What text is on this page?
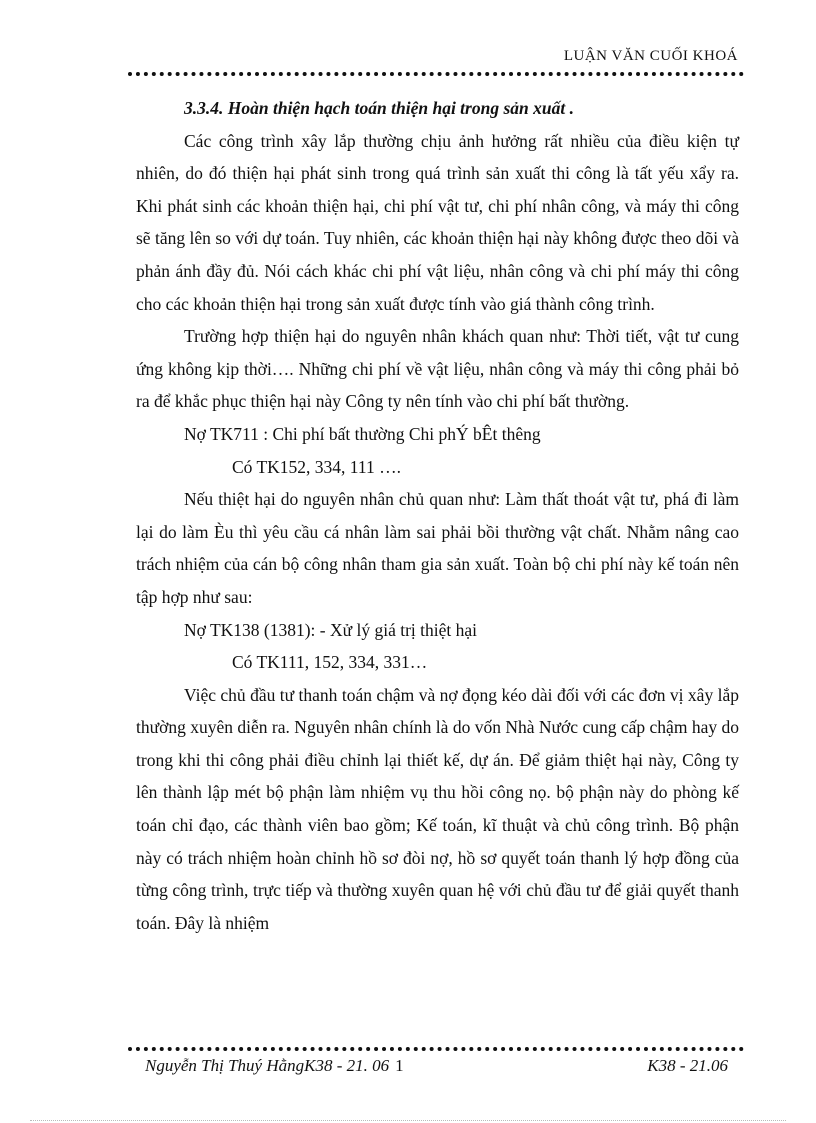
LUẬN VĂN CUỐI KHOÁ

3.3.4. Hoàn thiện hạch toán thiện hại trong sản xuất .

Các công trình xây lắp thường chịu ảnh hưởng rất nhiều của điều kiện tự nhiên, do đó thiện hại phát sinh trong quá trình sản xuất thi công là tất yếu xẩy ra. Khi phát sinh các khoản thiện hại, chi phí vật tư, chi phí nhân công, và máy thi công sẽ tăng lên so với dự toán. Tuy nhiên, các khoản thiện hại này không được theo dõi và phản ánh đầy đủ. Nói cách khác chi phí vật liệu, nhân công và chi phí máy thi công cho các khoản thiện hại trong sản xuất được tính vào giá thành công trình.

Trường hợp thiện hại do nguyên nhân khách quan như: Thời tiết, vật tư cung ứng không kịp thời…. Những chi phí về vật liệu, nhân công và máy thi công phải bỏ ra để khắc phục thiện hại này Công ty nên tính vào chi phí bất thường.

Nợ TK711 : Chi phí bất thường Chi phÝ bÊt thêng

Có TK152, 334, 111 ….

Nếu thiệt hại do nguyên nhân chủ quan như: Làm thất thoát vật tư, phá đi làm lại do làm Èu thì yêu cầu cá nhân làm sai phải bồi thường vật chất. Nhằm nâng cao trách nhiệm của cán bộ công nhân tham gia sản xuất. Toàn bộ chi phí này kế toán nên tập hợp như sau:

Nợ TK138 (1381): - Xử lý giá trị thiệt hại

Có TK111, 152, 334, 331…

Việc chủ đầu tư thanh toán chậm và nợ đọng kéo dài đối với các đơn vị xây lắp thường xuyên diễn ra. Nguyên nhân chính là do vốn Nhà Nước cung cấp chậm hay do trong khi thi công phải điều chỉnh lại thiết kế, dự án. Để giảm thiệt hại này, Công ty lên thành lập mét bộ phận làm nhiệm vụ thu hồi công nọ. bộ phận này do phòng kế toán chỉ đạo, các thành viên bao gồm; Kế toán, kĩ thuật và chủ công trình. Bộ phận này có trách nhiệm hoàn chỉnh hồ sơ đòi nợ, hồ sơ quyết toán thanh lý hợp đồng của từng công trình, trực tiếp và thường xuyên quan hệ với chủ đầu tư để giải quyết thanh toán. Đây là nhiệm

Nguyễn Thị Thuý HằngK38 - 21. 06 1	K38 - 21.06
